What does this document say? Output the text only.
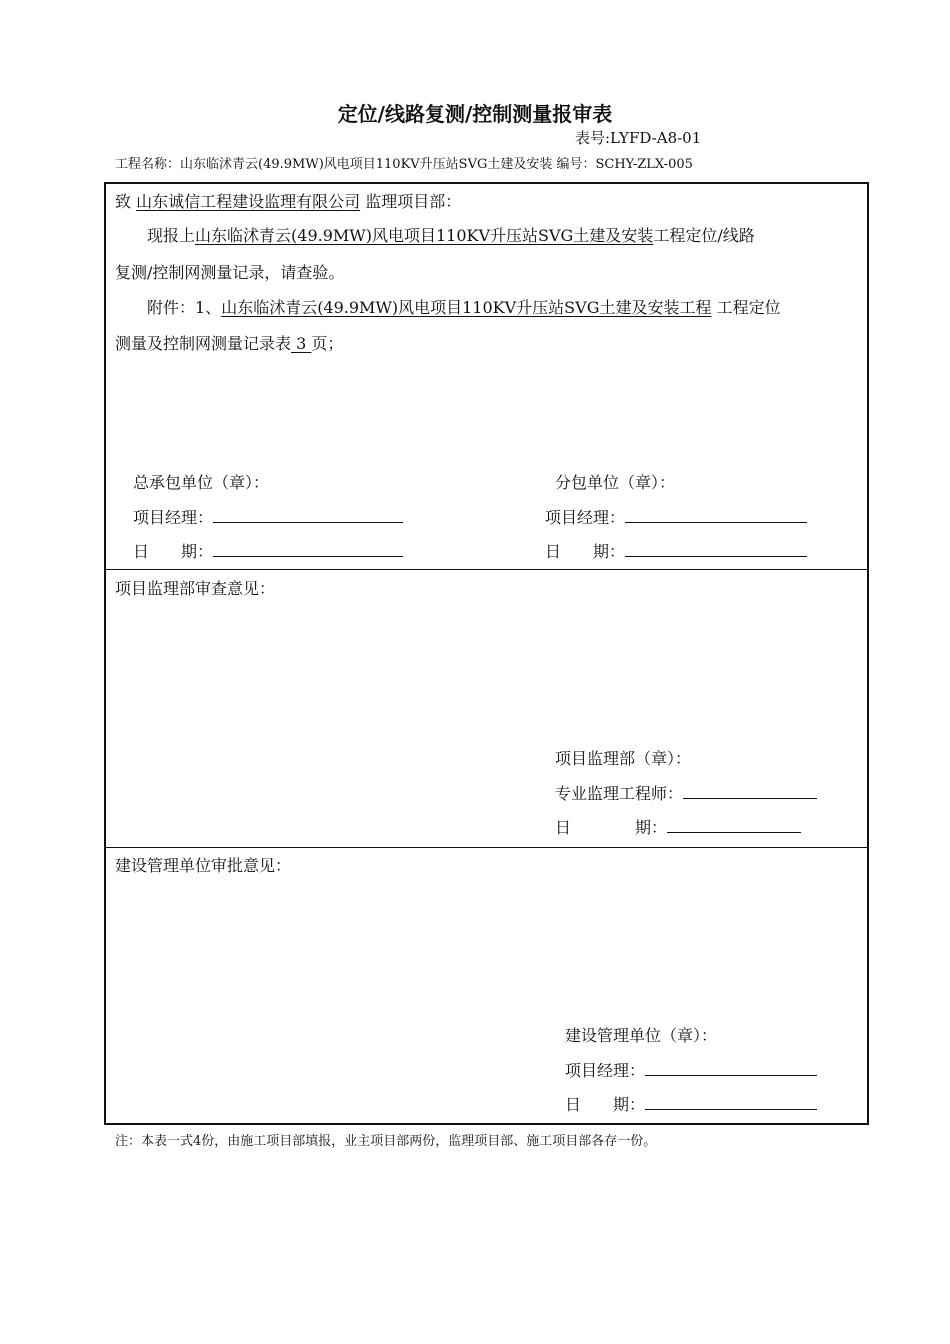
定位/线路复测/控制测量报审表
表号:LYFD-A8-01
工程名称：山东临沭青云(49.9MW)风电项目110KV升压站SVG土建及安装 编号：SCHY-ZLX-005
致 山东诚信工程建设监理有限公司 监理项目部：
现报上山东临沭青云(49.9MW)风电项目110KV升压站SVG土建及安装工程定位/线路
复测/控制网测量记录，请查验。
附件：1、山东临沭青云(49.9MW)风电项目110KV升压站SVG土建及安装工程 工程定位
测量及控制网测量记录表 3 页；
总承包单位（章）：	分包单位（章）：
项目经理：	项目经理：
日　　期：	日　　期：
项目监理部审查意见：
项目监理部（章）：
专业监理工程师：
日　　　　期：
建设管理单位审批意见：
建设管理单位（章）：
项目经理：
日　　期：
注：本表一式4份，由施工项目部填报，业主项目部两份，监理项目部、施工项目部各存一份。
